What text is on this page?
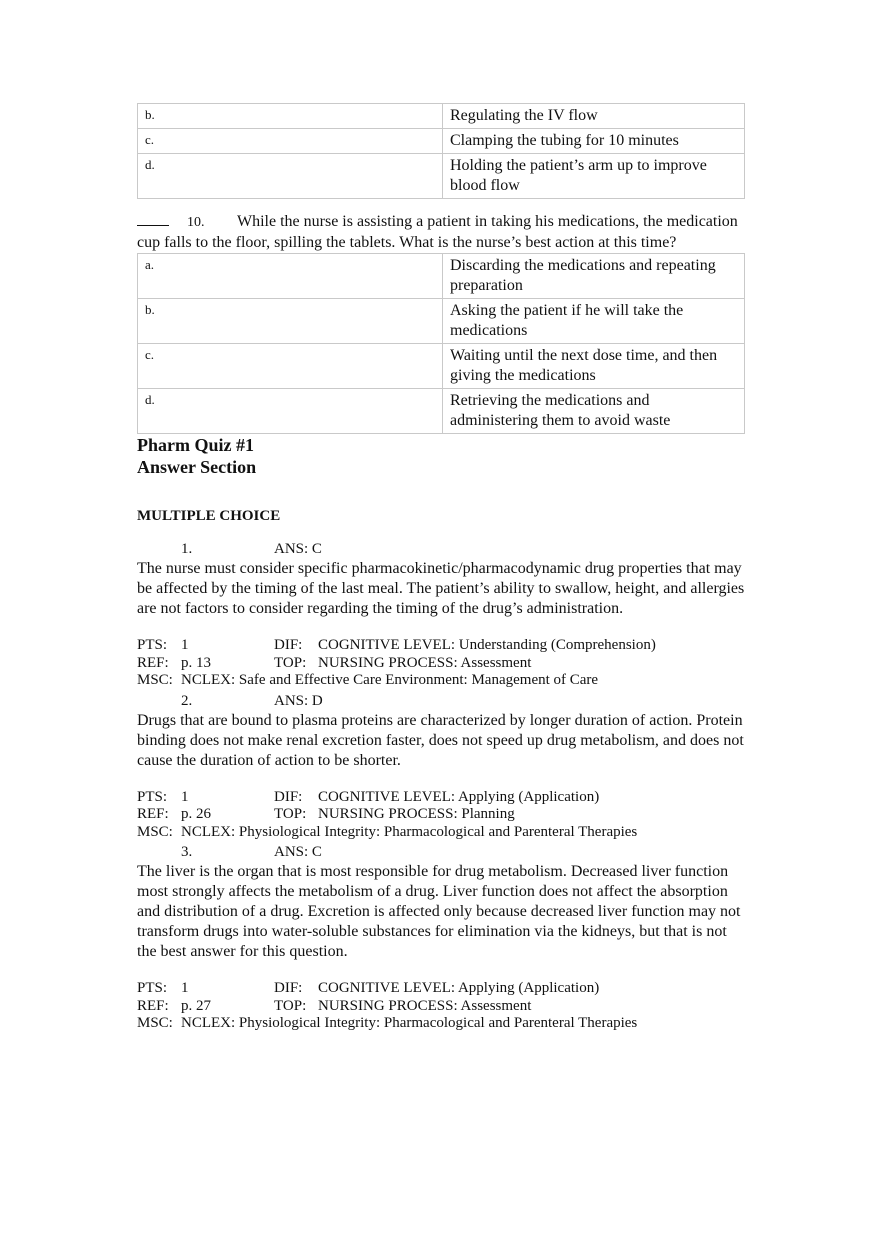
b.	Regulating the IV flow
c.	Clamping the tubing for 10 minutes
d.	Holding the patient’s arm up to improve blood flow

10. While the nurse is assisting a patient in taking his medications, the medication cup falls to the floor, spilling the tablets. What is the nurse’s best action at this time?

a.	Discarding the medications and repeating preparation
b.	Asking the patient if he will take the medications
c.	Waiting until the next dose time, and then giving the medications
d.	Retrieving the medications and administering them to avoid waste

Pharm Quiz #1

Answer Section

MULTIPLE CHOICE

1.	ANS: C

The nurse must consider specific pharmacokinetic/pharmacodynamic drug properties that may be affected by the timing of the last meal. The patient’s ability to swallow, height, and allergies are not factors to consider regarding the timing of the drug’s administration.

PTS: 1	DIF: COGNITIVE LEVEL: Understanding (Comprehension)
REF: p. 13	TOP: NURSING PROCESS: Assessment
MSC: NCLEX: Safe and Effective Care Environment: Management of Care
2.	ANS: D

Drugs that are bound to plasma proteins are characterized by longer duration of action. Protein binding does not make renal excretion faster, does not speed up drug metabolism, and does not cause the duration of action to be shorter.

PTS: 1	DIF: COGNITIVE LEVEL: Applying (Application)
REF: p. 26	TOP: NURSING PROCESS: Planning
MSC: NCLEX: Physiological Integrity: Pharmacological and Parenteral Therapies
3.	ANS: C

The liver is the organ that is most responsible for drug metabolism. Decreased liver function most strongly affects the metabolism of a drug. Liver function does not affect the absorption and distribution of a drug. Excretion is affected only because decreased liver function may not transform drugs into water-soluble substances for elimination via the kidneys, but that is not the best answer for this question.

PTS: 1	DIF: COGNITIVE LEVEL: Applying (Application)
REF: p. 27	TOP: NURSING PROCESS: Assessment
MSC: NCLEX: Physiological Integrity: Pharmacological and Parenteral Therapies
